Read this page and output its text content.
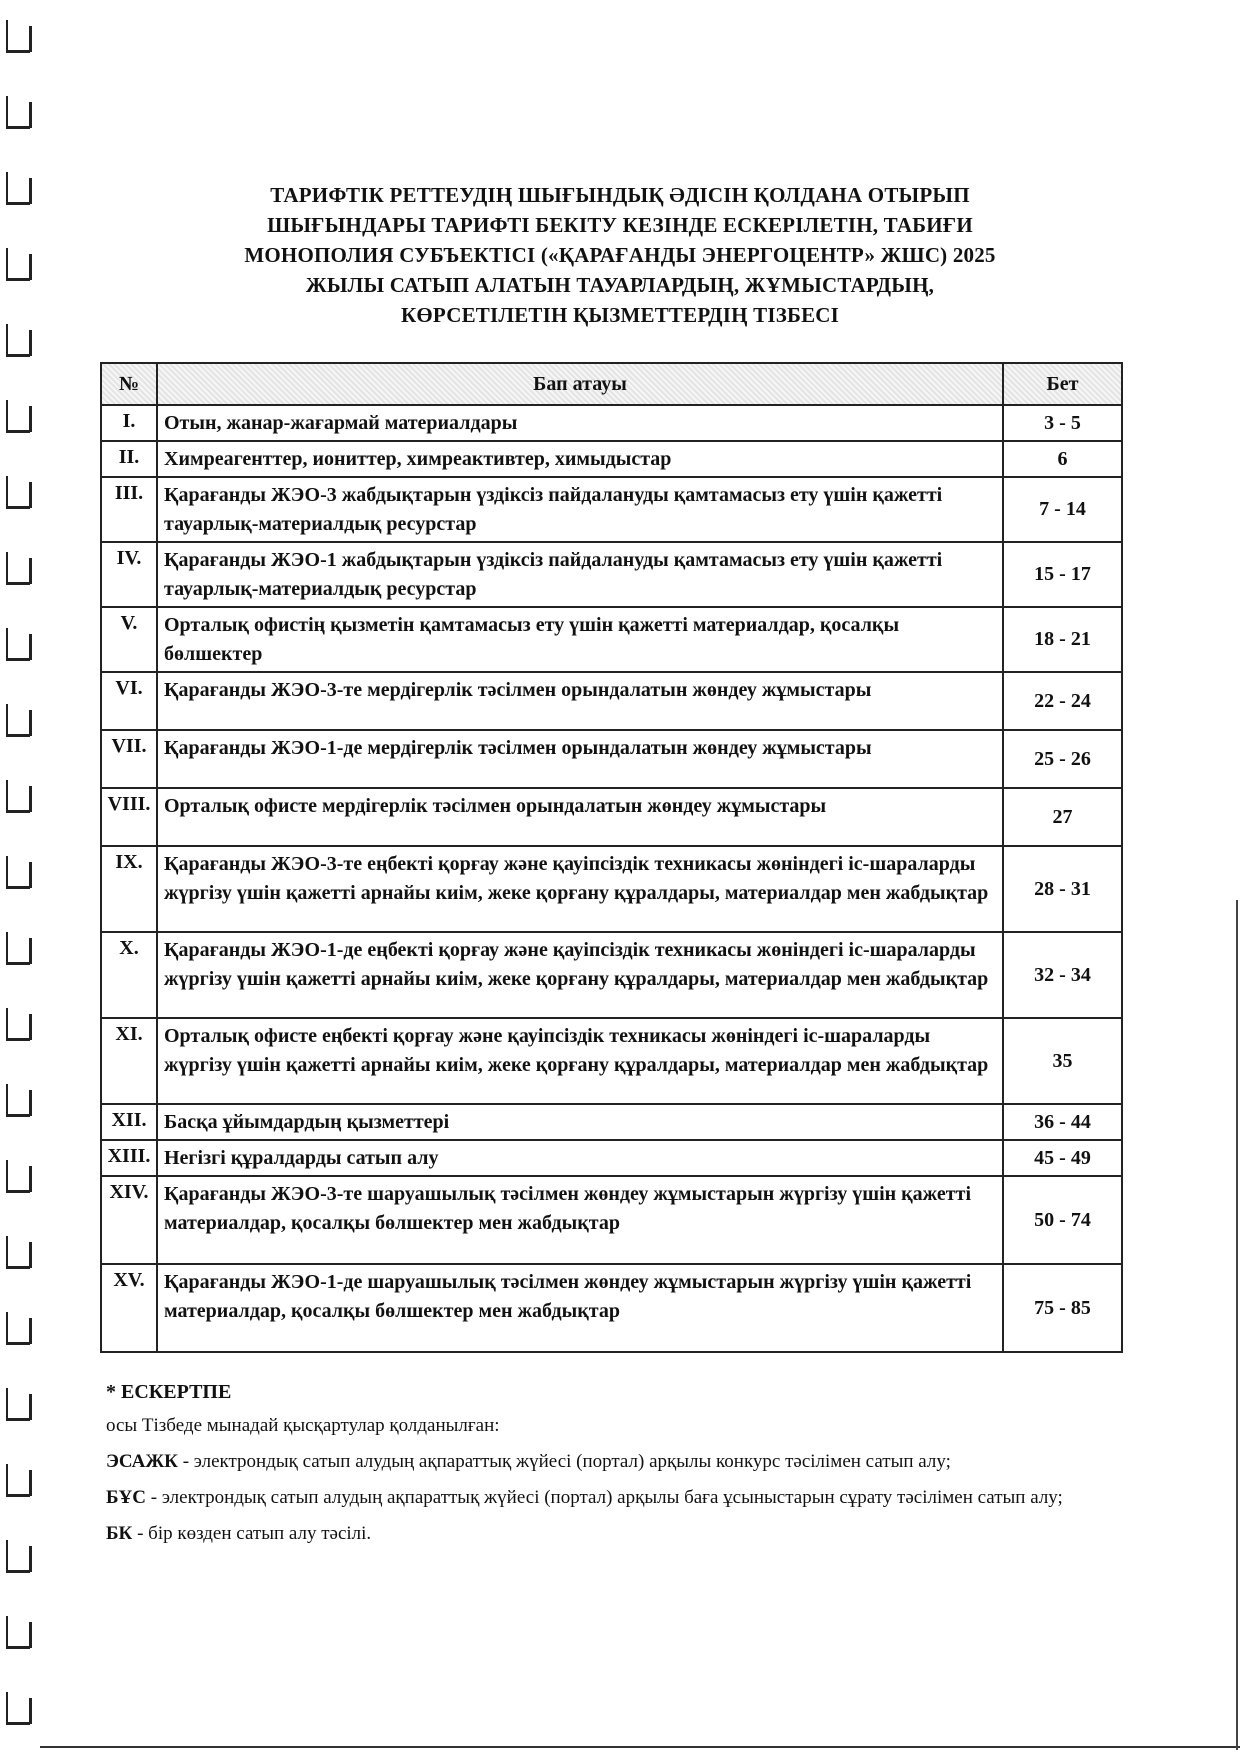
ТАРИФТІК РЕТТЕУДІҢ ШЫҒЫНДЫҚ ӘДІСІН ҚОЛДАНА ОТЫРЫП
ШЫҒЫНДАРЫ ТАРИФТІ БЕКІТУ КЕЗІНДЕ ЕСКЕРІЛЕТІН, ТАБИҒИ
МОНОПОЛИЯ СУБЪЕКТІСІ («ҚАРАҒАНДЫ ЭНЕРГОЦЕНТР» ЖШС) 2025
ЖЫЛЫ САТЫП АЛАТЫН ТАУАРЛАРДЫҢ, ЖҰМЫСТАРДЫҢ,
КӨРСЕТІЛЕТІН ҚЫЗМЕТТЕРДІҢ ТІЗБЕСІ
№	Бап атауы	Бет
I.	Отын, жанар-жағармай материалдары	3 - 5
II.	Химреагенттер, иониттер, химреактивтер, химыдыстар	6
III.	Қарағанды ЖЭО-3 жабдықтарын үздіксіз пайдалануды қамтамасыз ету үшін қажетті тауарлық-материалдық ресурстар	7 - 14
IV.	Қарағанды ЖЭО-1 жабдықтарын үздіксіз пайдалануды қамтамасыз ету үшін қажетті тауарлық-материалдық ресурстар	15 - 17
V.	Орталық офистің қызметін қамтамасыз ету үшін қажетті материалдар, қосалқы бөлшектер	18 - 21
VI.	Қарағанды ЖЭО-3-те мердігерлік тәсілмен орындалатын жөндеу жұмыстары	22 - 24
VII.	Қарағанды ЖЭО-1-де мердігерлік тәсілмен орындалатын жөндеу жұмыстары	25 - 26
VIII.	Орталық офисте мердігерлік тәсілмен орындалатын жөндеу жұмыстары	27
IX.	Қарағанды ЖЭО-3-те еңбекті қорғау және қауіпсіздік техникасы жөніндегі іс-шараларды жүргізу үшін қажетті арнайы киім, жеке қорғану құралдары, материалдар мен жабдықтар	28 - 31
X.	Қарағанды ЖЭО-1-де еңбекті қорғау және қауіпсіздік техникасы жөніндегі іс-шараларды жүргізу үшін қажетті арнайы киім, жеке қорғану құралдары, материалдар мен жабдықтар	32 - 34
XI.	Орталық офисте еңбекті қорғау және қауіпсіздік техникасы жөніндегі іс-шараларды жүргізу үшін қажетті арнайы киім, жеке қорғану құралдары, материалдар мен жабдықтар	35
XII.	Басқа ұйымдардың қызметтері	36 - 44
XIII.	Негізгі құралдарды сатып алу	45 - 49
XIV.	Қарағанды ЖЭО-3-те шаруашылық тәсілмен жөндеу жұмыстарын жүргізу үшін қажетті материалдар, қосалқы бөлшектер мен жабдықтар	50 - 74
XV.	Қарағанды ЖЭО-1-де шаруашылық тәсілмен жөндеу жұмыстарын жүргізу үшін қажетті материалдар, қосалқы бөлшектер мен жабдықтар	75 - 85
* ЕСКЕРТПЕ

осы Тізбеде мынадай қысқартулар қолданылған:

ЭСАЖК - электрондық сатып алудың ақпараттық жүйесі (портал) арқылы конкурс тәсілімен сатып алу;

БҰС - электрондық сатып алудың ақпараттық жүйесі (портал) арқылы баға ұсыныстарын сұрату тәсілімен сатып алу;

БК - бір көзден сатып алу тәсілі.
